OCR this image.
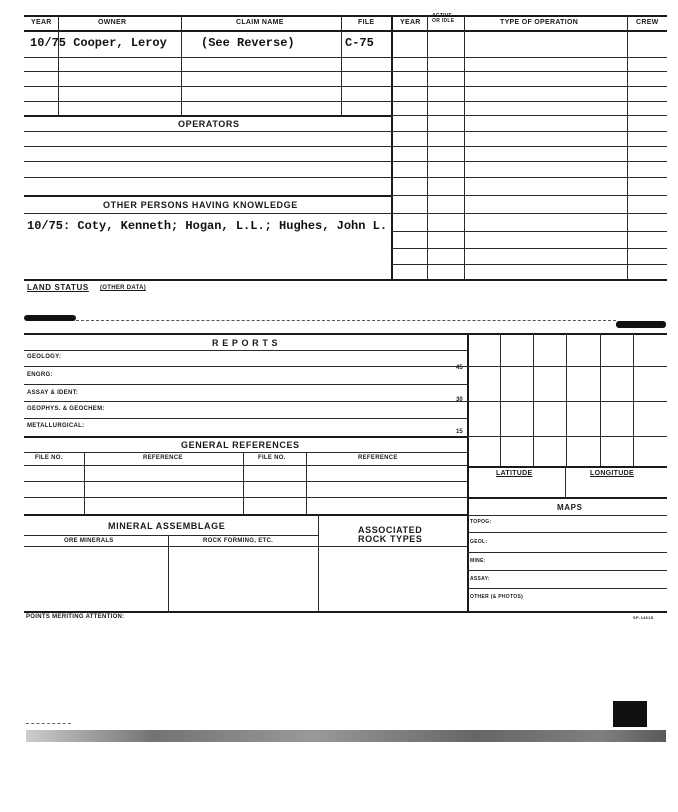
YEAR	OWNER	CLAIM NAME	FILE	YEAR
ACTIVE
OR IDLE	TYPE OF OPERATION	CREW
10/75 Cooper, Leroy	(See Reverse)	C-75
OPERATORS
OTHER PERSONS HAVING KNOWLEDGE
10/75: Coty, Kenneth; Hogan, L.L.; Hughes, John L.
LAND STATUS (OTHER DATA)
R E P O R T S
GEOLOGY:
45
ENGRG:
ASSAY & IDENT:
30
GEOPHYS. & GEOCHEM:
METALLURGICAL:
15
LATITUDE	LONGITUDE
MAPS
TOPOG:
GEOL:
MINE:
ASSAY:
OTHER (& PHOTOS)
GENERAL REFERENCES
FILE NO.	REFERENCE	FILE NO.	REFERENCE
MINERAL ASSEMBLAGE	ASSOCIATED
ROCK TYPES
ORE MINERALS	ROCK FORMING, ETC.
POINTS MERITING ATTENTION:	SP-1461S
